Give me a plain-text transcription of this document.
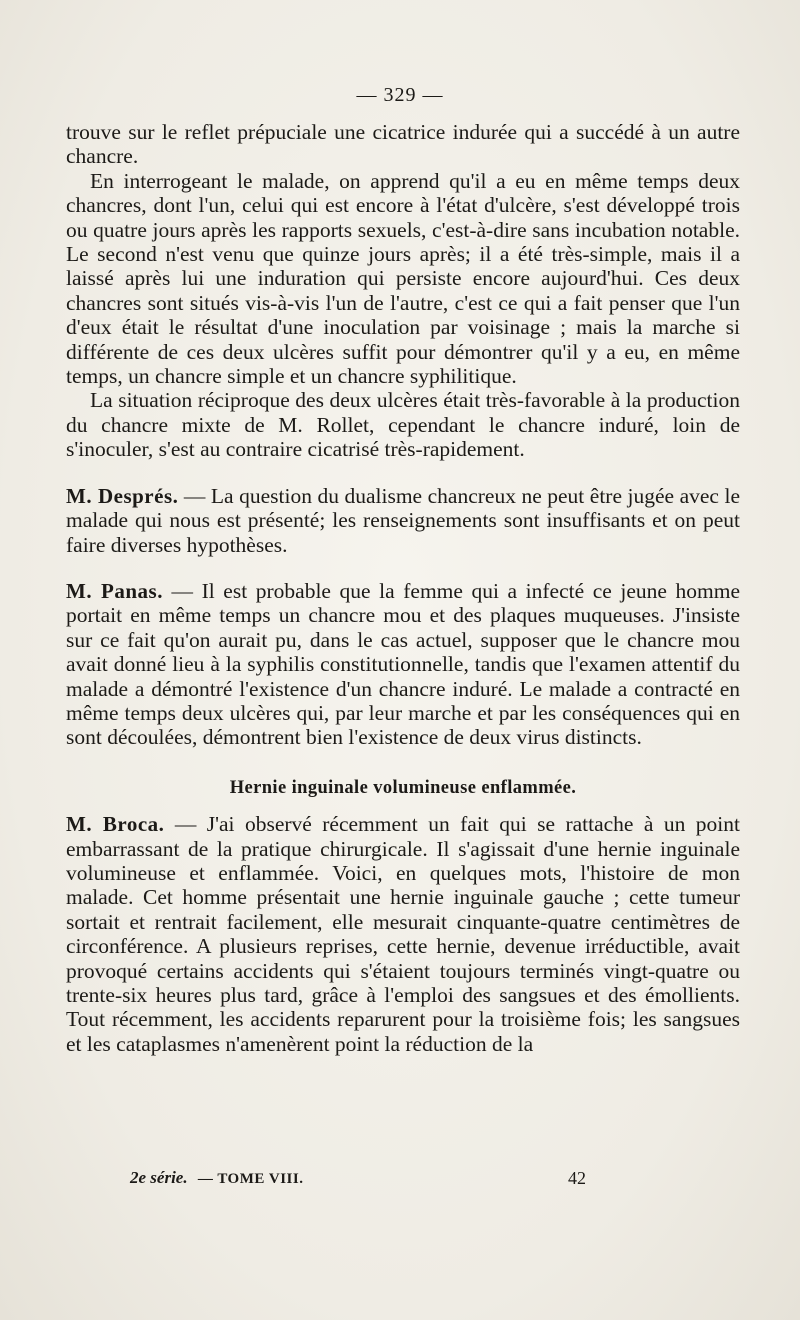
— 329 —

trouve sur le reflet prépuciale une cicatrice indurée qui a succédé à un autre chancre.

En interrogeant le malade, on apprend qu'il a eu en même temps deux chancres, dont l'un, celui qui est encore à l'état d'ulcère, s'est développé trois ou quatre jours après les rapports sexuels, c'est-à-dire sans incubation notable. Le second n'est venu que quinze jours après; il a été très-simple, mais il a laissé après lui une induration qui persiste encore aujourd'hui. Ces deux chancres sont situés vis-à-vis l'un de l'autre, c'est ce qui a fait penser que l'un d'eux était le résultat d'une inoculation par voisinage ; mais la marche si différente de ces deux ulcères suffit pour démontrer qu'il y a eu, en même temps, un chancre simple et un chancre syphilitique.

La situation réciproque des deux ulcères était très-favorable à la production du chancre mixte de M. Rollet, cependant le chancre induré, loin de s'inoculer, s'est au contraire cicatrisé très-rapidement.

M. Després. — La question du dualisme chancreux ne peut être jugée avec le malade qui nous est présenté; les renseignements sont insuffisants et on peut faire diverses hypothèses.

M. Panas. — Il est probable que la femme qui a infecté ce jeune homme portait en même temps un chancre mou et des plaques muqueuses. J'insiste sur ce fait qu'on aurait pu, dans le cas actuel, supposer que le chancre mou avait donné lieu à la syphilis constitutionnelle, tandis que l'examen attentif du malade a démontré l'existence d'un chancre induré. Le malade a contracté en même temps deux ulcères qui, par leur marche et par les conséquences qui en sont découlées, démontrent bien l'existence de deux virus distincts.

Hernie inguinale volumineuse enflammée.

M. Broca. — J'ai observé récemment un fait qui se rattache à un point embarrassant de la pratique chirurgicale. Il s'agissait d'une hernie inguinale volumineuse et enflammée. Voici, en quelques mots, l'histoire de mon malade. Cet homme présentait une hernie inguinale gauche ; cette tumeur sortait et rentrait facilement, elle mesurait cinquante-quatre centimètres de circonférence. A plusieurs reprises, cette hernie, devenue irréductible, avait provoqué certains accidents qui s'étaient toujours terminés vingt-quatre ou trente-six heures plus tard, grâce à l'emploi des sangsues et des émollients. Tout récemment, les accidents reparurent pour la troisième fois; les sangsues et les cataplasmes n'amenèrent point la réduction de la

2e série. — TOME VIII.	42
